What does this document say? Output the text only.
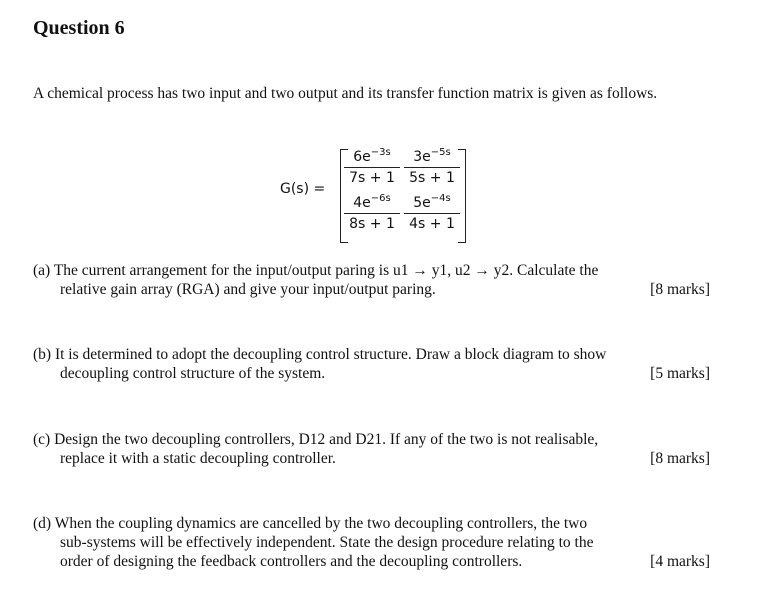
Question 6
A chemical process has two input and two output and its transfer function matrix is given as follows.
G(s) =
$\frac{6e^{-3s}}{7s + 1} \frac{3e^{-5s}}{5s + 1}$
$\frac{4e^{-6s}}{8s + 1} \frac{5e^{-4s}}{4s + 1}$
(a) The current arrangement for the input/output paring is u1 → y1, u2 → y2. Calculate the
relative gain array (RGA) and give your input/output paring.	[8 marks]
(b) It is determined to adopt the decoupling control structure. Draw a block diagram to show
decoupling control structure of the system.	[5 marks]
(c) Design the two decoupling controllers, D12 and D21. If any of the two is not realisable,
replace it with a static decoupling controller.	[8 marks]
(d) When the coupling dynamics are cancelled by the two decoupling controllers, the two
sub-systems will be effectively independent. State the design procedure relating to the
order of designing the feedback controllers and the decoupling controllers.	[4 marks]
